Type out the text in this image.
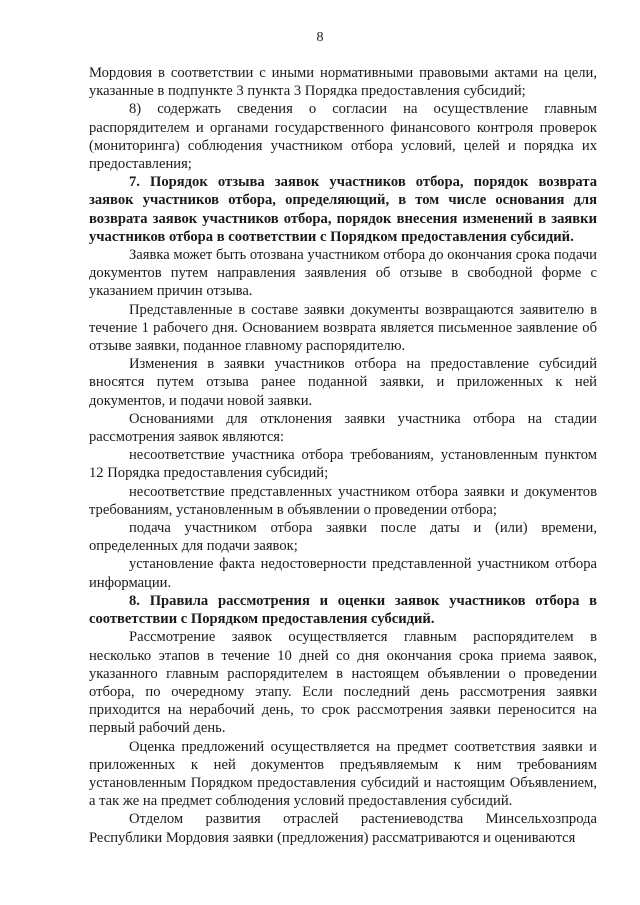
8

Мордовия в соответствии с иными нормативными правовыми актами на цели, указанные в подпункте 3 пункта 3 Порядка предоставления субсидий;

8) содержать сведения о согласии на осуществление главным распорядителем и органами государственного финансового контроля проверок (мониторинга) соблюдения участником отбора условий, целей и порядка их предоставления;

7. Порядок отзыва заявок участников отбора, порядок возврата заявок участников отбора, определяющий, в том числе основания для возврата заявок участников отбора, порядок внесения изменений в заявки участников отбора в соответствии с Порядком предоставления субсидий.

Заявка может быть отозвана участником отбора до окончания срока подачи документов путем направления заявления об отзыве в свободной форме с указанием причин отзыва.

Представленные в составе заявки документы возвращаются заявителю в течение 1 рабочего дня. Основанием возврата является письменное заявление об отзыве заявки, поданное главному распорядителю.

Изменения в заявки участников отбора на предоставление субсидий вносятся путем отзыва ранее поданной заявки, и приложенных к ней документов, и подачи новой заявки.

Основаниями для отклонения заявки участника отбора на стадии рассмотрения заявок являются:

несоответствие участника отбора требованиям, установленным пунктом 12 Порядка предоставления субсидий;

несоответствие представленных участником отбора заявки и документов требованиям, установленным в объявлении о проведении отбора;

подача участником отбора заявки после даты и (или) времени, определенных для подачи заявок;

установление факта недостоверности представленной участником отбора информации.

8. Правила рассмотрения и оценки заявок участников отбора в соответствии с Порядком предоставления субсидий.

Рассмотрение заявок осуществляется главным распорядителем в несколько этапов в течение 10 дней со дня окончания срока приема заявок, указанного главным распорядителем в настоящем объявлении о проведении отбора, по очередному этапу. Если последний день рассмотрения заявки приходится на нерабочий день, то срок рассмотрения заявки переносится на первый рабочий день.

Оценка предложений осуществляется на предмет соответствия заявки и приложенных к ней документов предъявляемым к ним требованиям установленным Порядком предоставления субсидий и настоящим Объявлением, а так же на предмет соблюдения условий предоставления субсидий.

Отделом развития отраслей растениеводства Минсельхозпрода Республики Мордовия заявки (предложения) рассматриваются и оцениваются
